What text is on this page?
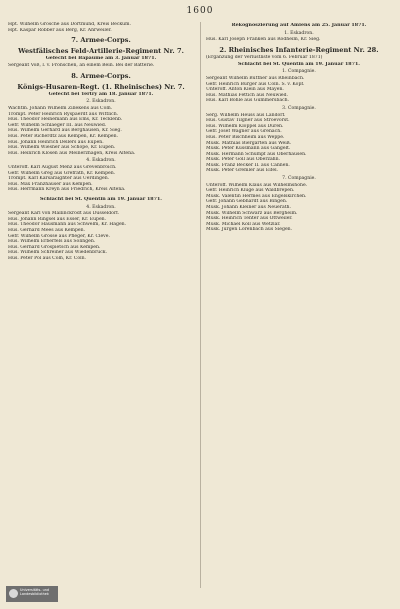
1600
Hpt. Wilhelm Grosche aus Dortmund, Kreis Beckum.
Hpt. Kaspar Röbber aus Berg, Kr. Ahrweiler.
7. Armee-Corps.
Westfälisches Feld-Artillerie-Regiment Nr. 7.
Gefecht bei Bapaume am 3. Januar 1871.
Sergeant Voß, l. v. Fronschen, an einem Bein. Bei der Batterie.
8. Armee-Corps.
Königs-Husaren-Regt. (1. Rheinisches) Nr. 7.
Gefecht bei Tertry am 18. Januar 1871.
2. Eskadron.
Wachtm. Johann Wilhelm Zillekens aus Cöln.
Trompt. Peter Heinrich Ryspaerdt aus Wittlich.
Hus. Theodor Heinemann aus Ems, Kr. Tecklenb.
Gefr. Wilhelm Schlaeger III. aus Neuwied.
Hus. Wilhelm Gerhard aus Berghausen, Kr. Sieg.
Hus. Peter Richerdtz aus Kempen, Kr. Kempen.
Hus. Johann Heinrich Dellers aus Eupen.
Hus. Wilhelm Wiesner aus Schöpe, Kr. Eupen.
Hus. Heinrich Klosen aus Meinerzhagen, Kreis Altena.
4. Eskadron.
Unteroff. Karl August Menz aus Grevenbroich.
Gefr. Wilhelm Greg aus Grefrath, Kr. Kempen.
Trompt. Karl Karsaraighter aus Uerdingen.
Hus. Max Franzhäuser aus Kempen.
Hus. Herrmann Kreyn aus Friedrich, Kreis Altena.
Schlacht bei St. Quentin am 19. Januar 1871.
4. Eskadron.
Sergeant Karl von Mallinckrodt aus Düsseldorf.
Hus. Johann Ringsel aus Esser, Kr. Eupen.
Hus. Theodor Hausmann aus Schwelm, Kr. Hagen.
Hus. Gerhard Mees aus Kempen.
Gefr. Wilhelm Grosse aus Pfleger, Kr. Cleve.
Hus. Wilhelm Erberfels aus Solingen.
Hus. Gerhard Grospietsch aus Kempen.
Hus. Wilhelm Schreiner aus Wiedenbrück.
Hus. Peter Pol aus Cöln, Kr. Cöln.
Rekognoszierung auf Amiens am 25. Januar 1871.
1. Eskadron.
Hus. Karl Joseph Franken aus Rodheim, Kr. Sieg.
2. Rheinisches Infanterie-Regiment Nr. 28.
(Ergänzung der Verlustliste vom 6. Februar 1871)
Schlacht bei St. Quentin am 19. Januar 1871.
1. Compagnie.
Sergeant Wilhelm Büttner aus Rheinbach.
Gefr. Heinrich Bürger aus Cöln. S. v. Kopf.
Unteroff. Anton Klein aus Mayen.
Hus. Mathias Fettich aus Neuwied.
Hus. Karl Böhle aus Gummersbach.
3. Compagnie.
Serg. Wilhelm Heuss aus Ländorf.
Hus. Gustav Tilgner aus Stroevorst.
Hus. Wilhelm Klöppel aus Düren.
Gefr. Josef Wagner aus Grenach.
Hus. Peter Bischheim aus Weppe.
Musk. Mathias Biergarten aus Weiß.
Musk. Peter Kussmann aus Gangelt.
Musk. Hermann Schumpf aus Oberhausen.
Musk. Peter Goll aus Oberzahn.
Musk. Franz Becker II. aus Cannen.
Musk. Peter Gremler aus Eifel.
7. Compagnie.
Unteroff. Wilhelm Klaus aus Wilhelmshöhe.
Gefr. Heinrich Kluge aus Waldbrepen.
Musk. Valentin Hermes aus Engelskirchen.
Gefr. Johann Gebhardt aus Bingen.
Musk. Johann Kleiner aus Neuerath.
Musk. Wilhelm Schwarz aus Bergheim.
Musk. Heinrich Tenter aus Ottweiler.
Musk. Michael Koll aus Wetzlar.
Musk. Jürgen Lorenbach aus Siegen.
Universitäts- und Landesbibliothek
